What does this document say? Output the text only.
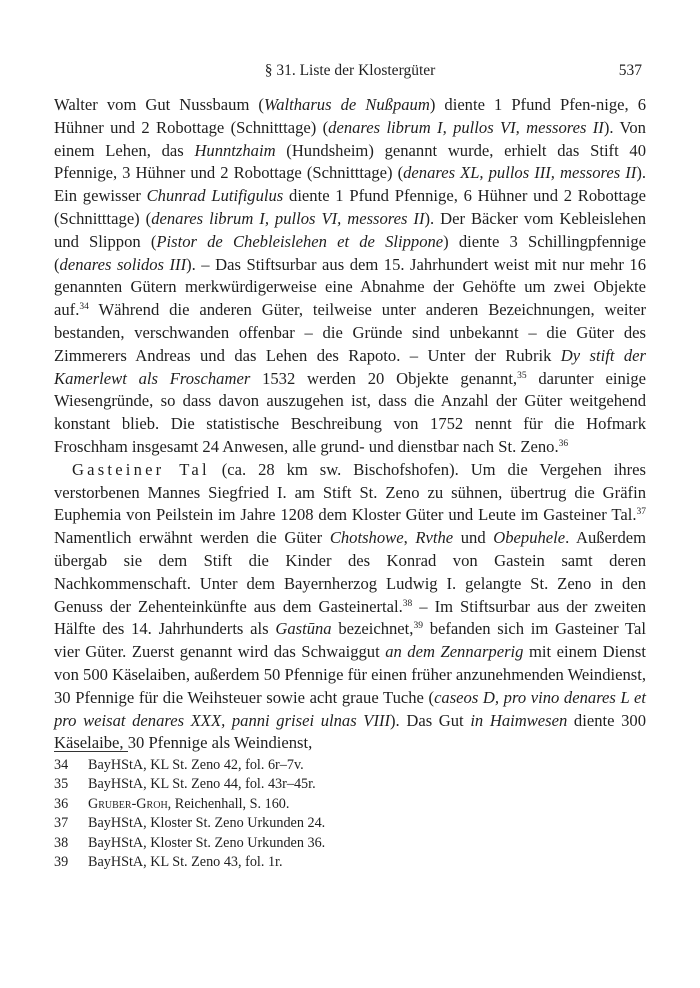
§ 31. Liste der Klostergüter	537

Walter vom Gut Nussbaum (Waltharus de Nußpaum) diente 1 Pfund Pfen-nige, 6 Hühner und 2 Robottage (Schnitttage) (denares librum I, pullos VI, messores II). Von einem Lehen, das Hunntzhaim (Hundsheim) genannt wurde, erhielt das Stift 40 Pfennige, 3 Hühner und 2 Robottage (Schnitttage) (denares XL, pullos III, messores II). Ein gewisser Chunrad Lutifigulus diente 1 Pfund Pfennige, 6 Hühner und 2 Robottage (Schnitttage) (denares librum I, pullos VI, messores II). Der Bäcker vom Kebleislehen und Slippon (Pistor de Chebleislehen et de Slippone) diente 3 Schillingpfennige (denares solidos III). – Das Stiftsurbar aus dem 15. Jahrhundert weist mit nur mehr 16 genannten Gütern merkwürdigerweise eine Abnahme der Gehöfte um zwei Objekte auf.$^{34}$ Während die anderen Güter, teilweise unter anderen Bezeichnungen, weiter bestanden, verschwanden offenbar – die Gründe sind unbekannt – die Güter des Zimmerers Andreas und das Lehen des Rapoto. – Unter der Rubrik Dy stift der Kamerlewt als Froschamer 1532 werden 20 Objekte genannt,$^{35}$ darunter einige Wiesengründe, so dass davon auszugehen ist, dass die Anzahl der Güter weitgehend konstant blieb. Die statistische Beschreibung von 1752 nennt für die Hofmark Froschham insgesamt 24 Anwesen, alle grund- und dienstbar nach St. Zeno.$^{36}$

Gasteiner Tal (ca. 28 km sw. Bischofshofen). Um die Vergehen ihres verstorbenen Mannes Siegfried I. am Stift St. Zeno zu sühnen, übertrug die Gräfin Euphemia von Peilstein im Jahre 1208 dem Kloster Güter und Leute im Gasteiner Tal.$^{37}$ Namentlich erwähnt werden die Güter Chotshowe, Rvthe und Obepuhele. Außerdem übergab sie dem Stift die Kinder des Konrad von Gastein samt deren Nachkommenschaft. Unter dem Bayernherzog Ludwig I. gelangte St. Zeno in den Genuss der Zehenteinkünfte aus dem Gasteinertal.$^{38}$ – Im Stiftsurbar aus der zweiten Hälfte des 14. Jahrhunderts als Gastūna bezeichnet,$^{39}$ befanden sich im Gasteiner Tal vier Güter. Zuerst genannt wird das Schwaiggut an dem Zennarperig mit einem Dienst von 500 Käselaiben, außerdem 50 Pfennige für einen früher anzunehmenden Weindienst, 30 Pfennige für die Weihsteuer sowie acht graue Tuche (caseos D, pro vino denares L et pro weisat denares XXX, panni grisei ulnas VIII). Das Gut in Haimwesen diente 300 Käselaibe, 30 Pfennige als Weindienst,

34	BayHStA, KL St. Zeno 42, fol. 6r–7v.
35	BayHStA, KL St. Zeno 44, fol. 43r–45r.
36	Gruber-Groh, Reichenhall, S. 160.
37	BayHStA, Kloster St. Zeno Urkunden 24.
38	BayHStA, Kloster St. Zeno Urkunden 36.
39	BayHStA, KL St. Zeno 43, fol. 1r.
